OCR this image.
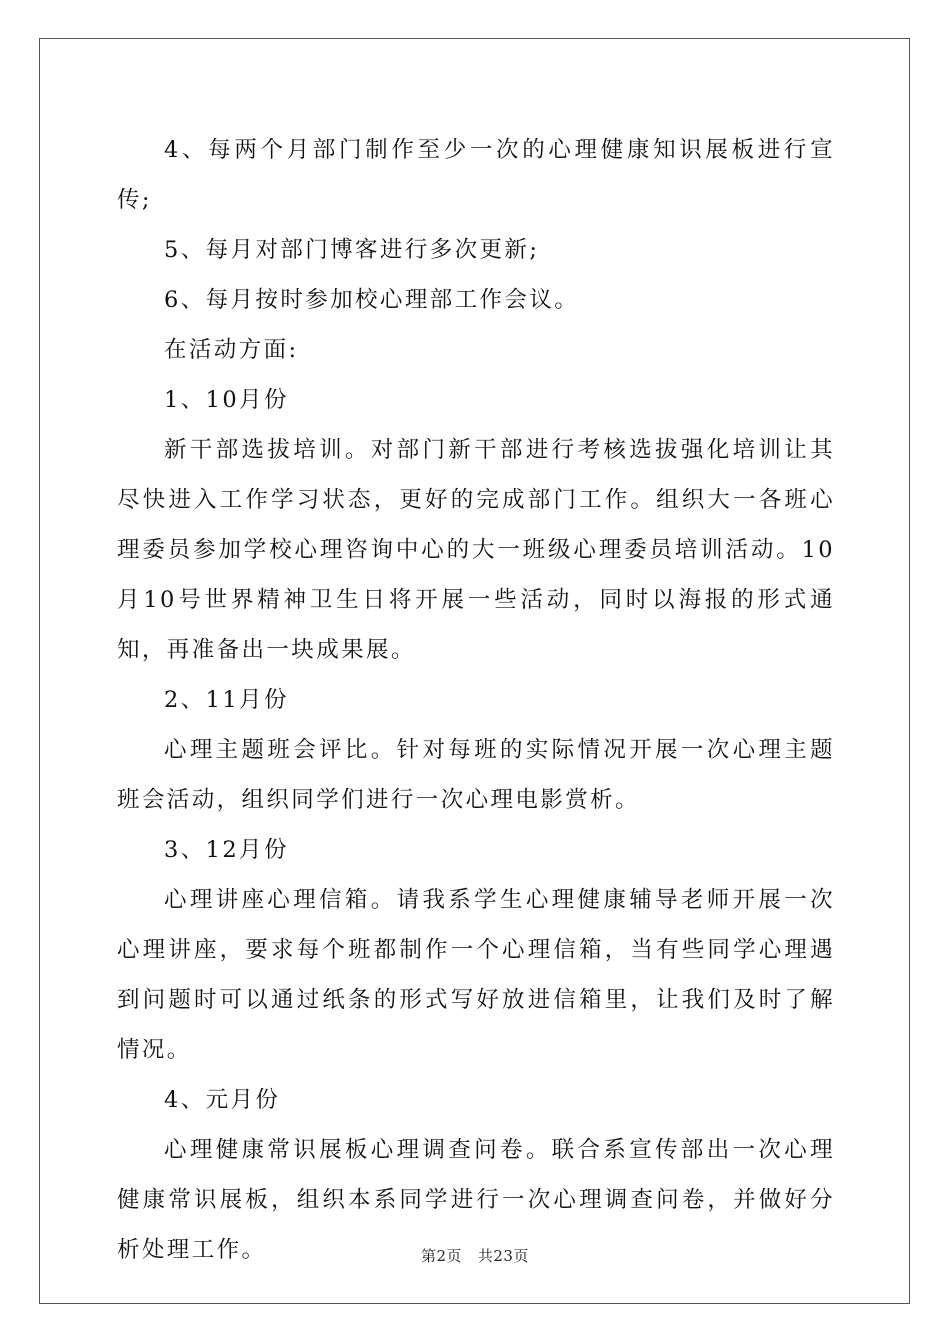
4、每两个月部门制作至少一次的心理健康知识展板进行宣传;

5、每月对部门博客进行多次更新;

6、每月按时参加校心理部工作会议。

在活动方面:

1、10月份

新干部选拔培训。对部门新干部进行考核选拔强化培训让其尽快进入工作学习状态，更好的完成部门工作。组织大一各班心理委员参加学校心理咨询中心的大一班级心理委员培训活动。10月10号世界精神卫生日将开展一些活动，同时以海报的形式通知，再准备出一块成果展。

2、11月份

心理主题班会评比。针对每班的实际情况开展一次心理主题班会活动，组织同学们进行一次心理电影赏析。

3、12月份

心理讲座心理信箱。请我系学生心理健康辅导老师开展一次心理讲座，要求每个班都制作一个心理信箱，当有些同学心理遇到问题时可以通过纸条的形式写好放进信箱里，让我们及时了解情况。

4、元月份

心理健康常识展板心理调查问卷。联合系宣传部出一次心理健康常识展板，组织本系同学进行一次心理调查问卷，并做好分析处理工作。	第2页 共23页
